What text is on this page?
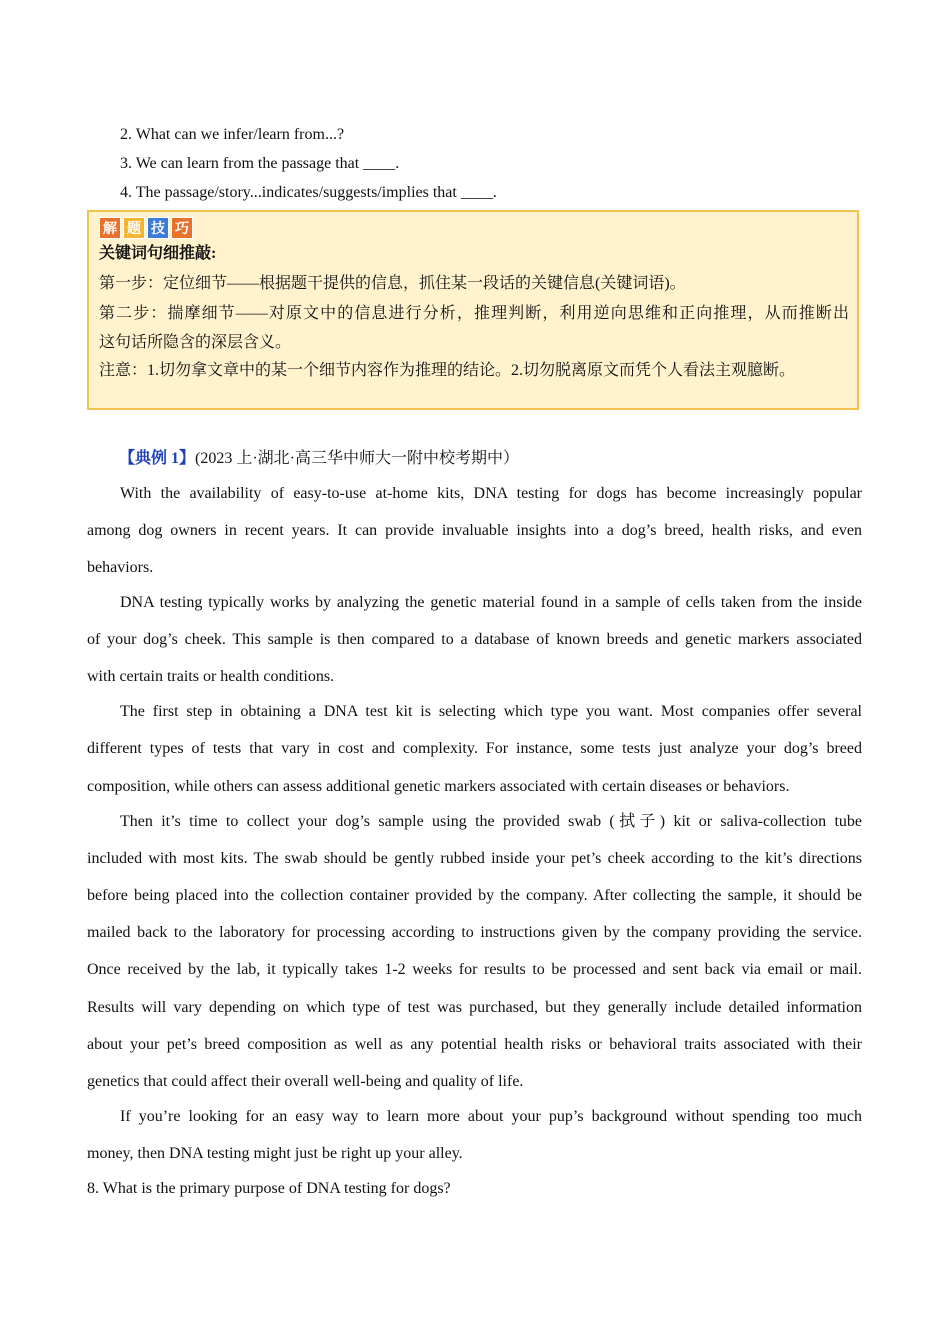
2. What can we infer/learn from...?
3. We can learn from the passage that ____.
4. The passage/story...indicates/suggests/implies that ____.
解 题 技 巧
关键词句细推敲:
第一步：定位细节——根据题干提供的信息，抓住某一段话的关键信息(关键词语)。
第二步：揣摩细节——对原文中的信息进行分析，推理判断，利用逆向思维和正向推理，从而推断出
这句话所隐含的深层含义。
注意：1.切勿拿文章中的某一个细节内容作为推理的结论。2.切勿脱离原文而凭个人看法主观臆断。
【典例 1】(2023 上·湖北·高三华中师大一附中校考期中）
With the availability of easy-to-use at-home kits, DNA testing for dogs has become increasingly popular
among dog owners in recent years. It can provide invaluable insights into a dog’s breed, health risks, and even
behaviors.
DNA testing typically works by analyzing the genetic material found in a sample of cells taken from the inside
of your dog’s cheek. This sample is then compared to a database of known breeds and genetic markers associated
with certain traits or health conditions.
The first step in obtaining a DNA test kit is selecting which type you want. Most companies offer several
different types of tests that vary in cost and complexity. For instance, some tests just analyze your dog’s breed
composition, while others can assess additional genetic markers associated with certain diseases or behaviors.
Then it’s time to collect your dog’s sample using the provided swab (拭子) kit or saliva-collection tube
included with most kits. The swab should be gently rubbed inside your pet’s cheek according to the kit’s directions
before being placed into the collection container provided by the company. After collecting the sample, it should be
mailed back to the laboratory for processing according to instructions given by the company providing the service.
Once received by the lab, it typically takes 1-2 weeks for results to be processed and sent back via email or mail.
Results will vary depending on which type of test was purchased, but they generally include detailed information
about your pet’s breed composition as well as any potential health risks or behavioral traits associated with their
genetics that could affect their overall well-being and quality of life.
If you’re looking for an easy way to learn more about your pup’s background without spending too much
money, then DNA testing might just be right up your alley.
8. What is the primary purpose of DNA testing for dogs?
